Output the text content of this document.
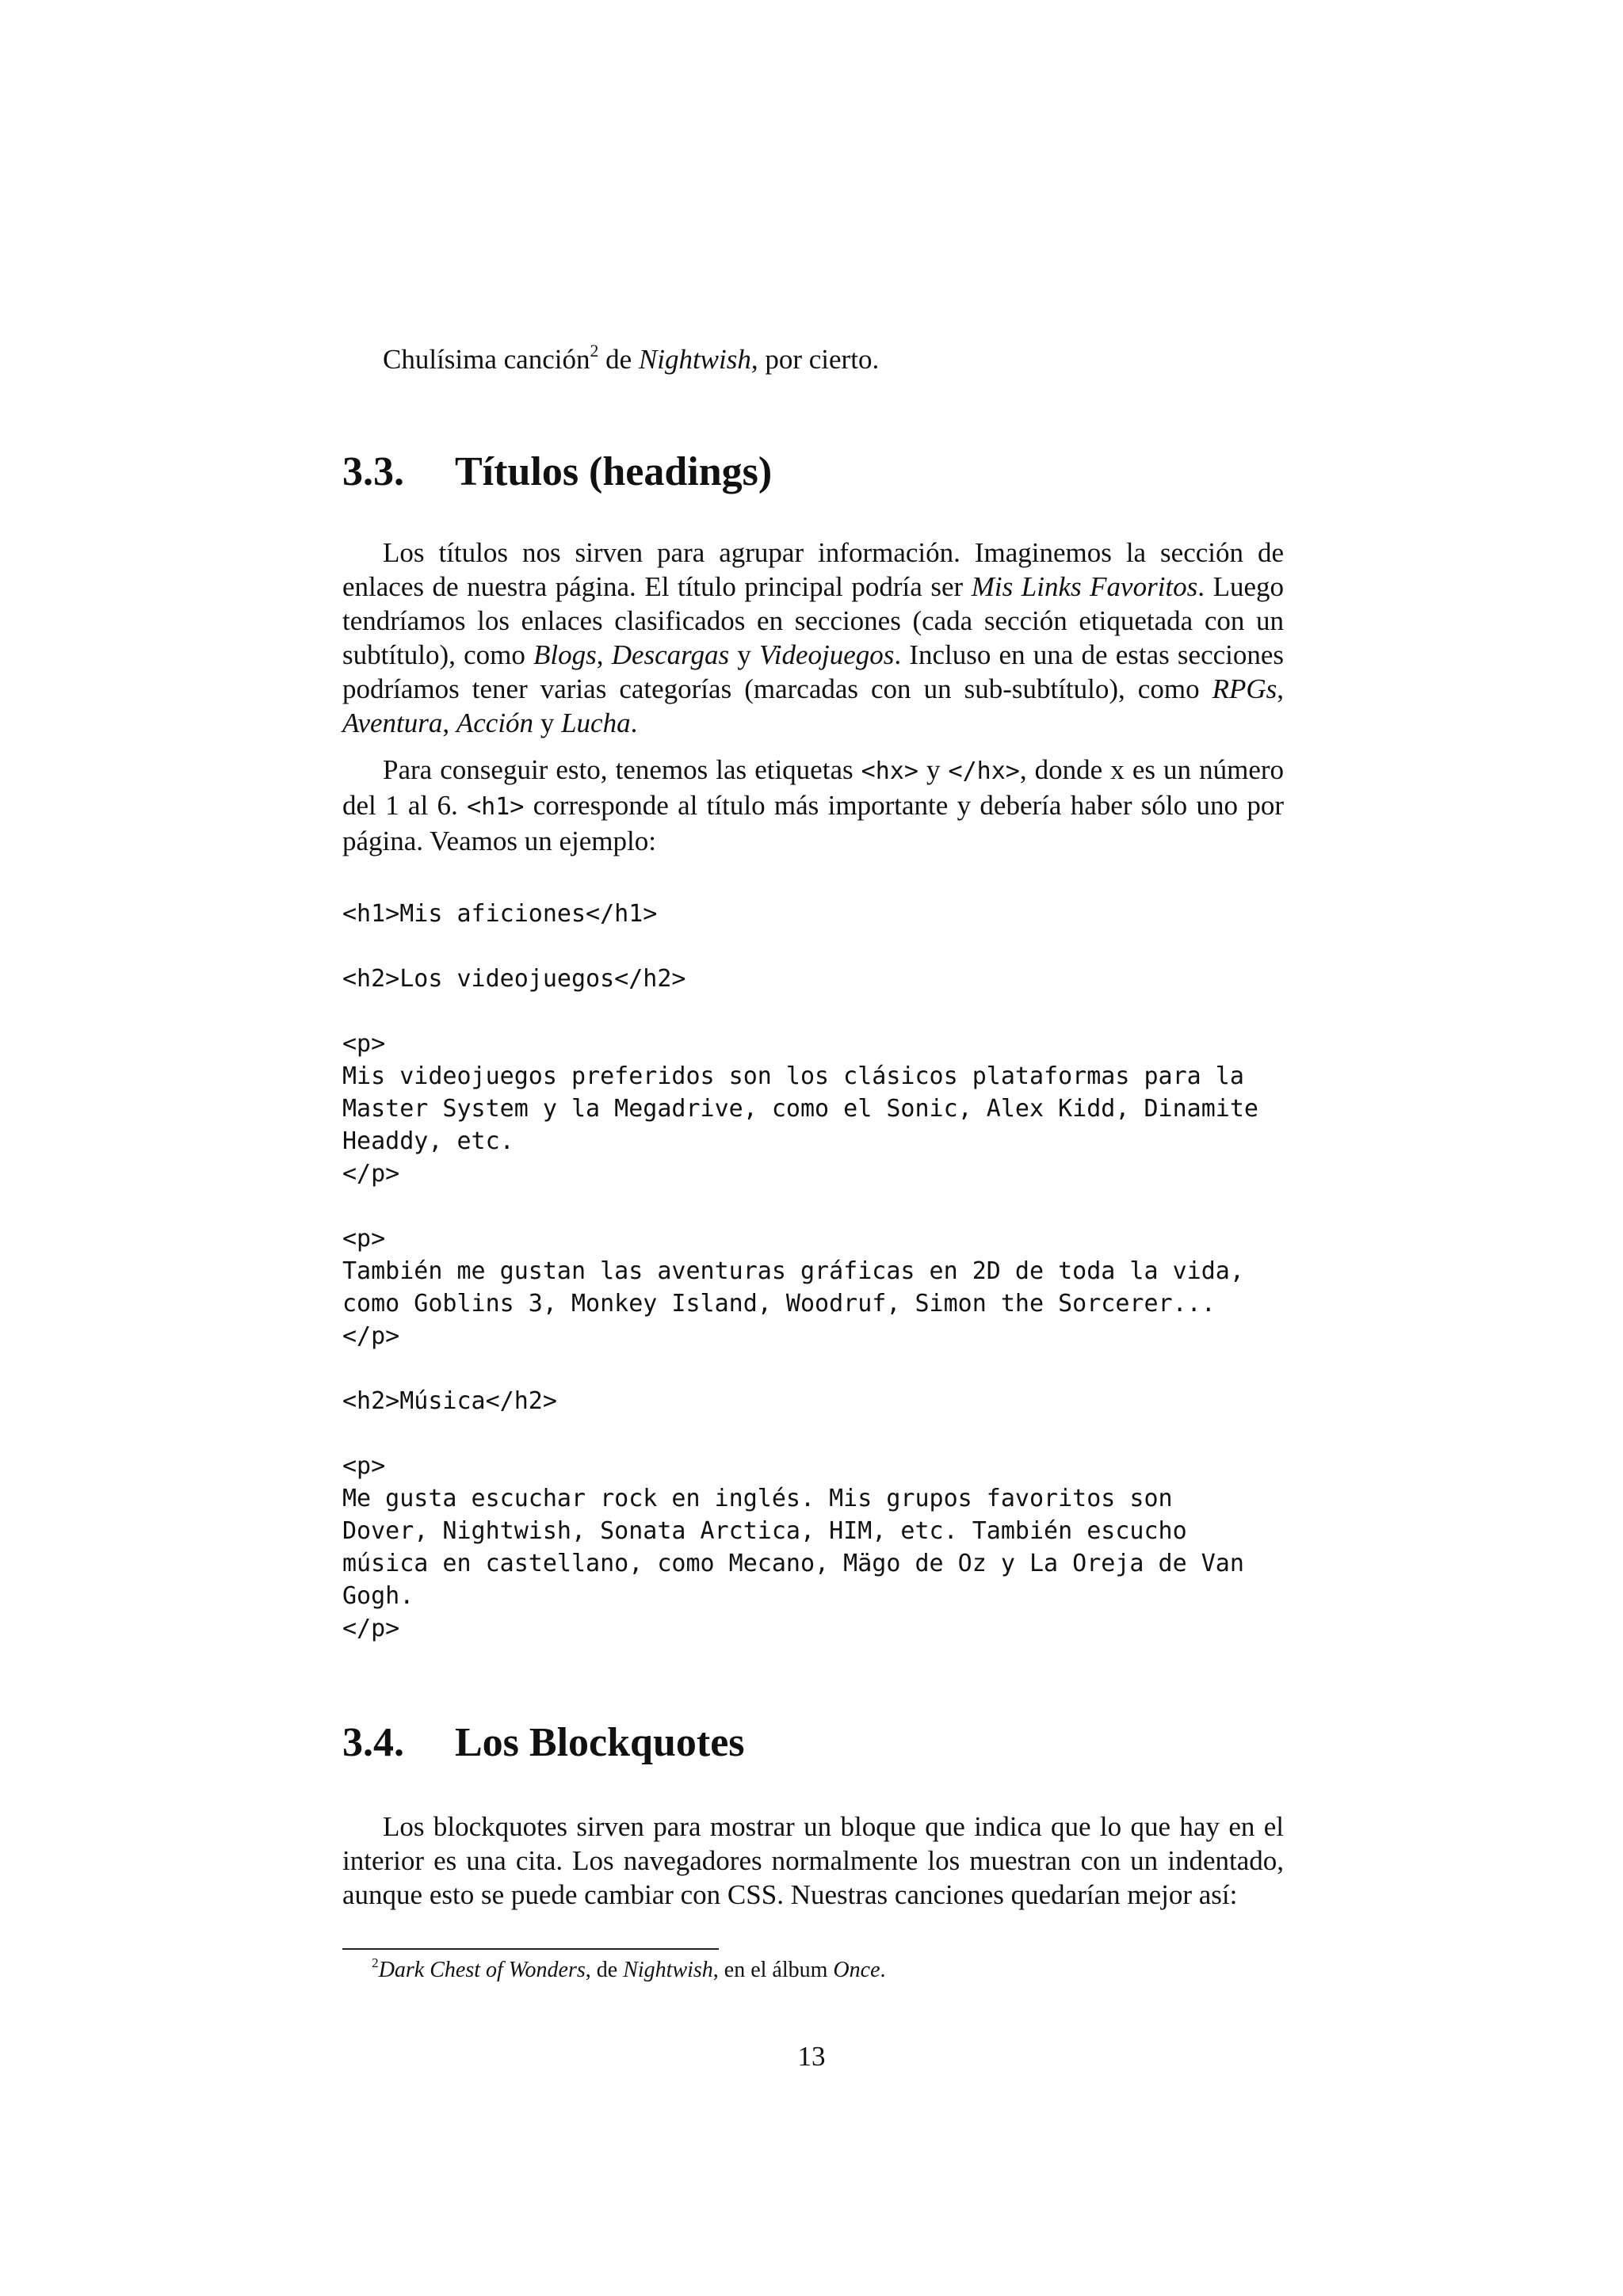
Chulísima canción$^2$ de Nightwish, por cierto.
3.3. Títulos (headings)

Los títulos nos sirven para agrupar información. Imaginemos la sección de enlaces de nuestra página. El título principal podría ser Mis Links Favoritos. Luego tendríamos los enlaces clasificados en secciones (cada sección etiquetada con un subtítulo), como Blogs, Descargas y Videojuegos. Incluso en una de estas secciones podríamos tener varias categorías (marcadas con un sub-subtítulo), como RPGs, Aventura, Acción y Lucha.

Para conseguir esto, tenemos las etiquetas <hx> y </hx>, donde x es un número del 1 al 6. <h1> corresponde al título más importante y debería haber sólo uno por página. Veamos un ejemplo:

<h1>Mis aficiones</h1>

<h2>Los videojuegos</h2>

<p>
Mis videojuegos preferidos son los clásicos plataformas para la
Master System y la Megadrive, como el Sonic, Alex Kidd, Dinamite
Headdy, etc.
</p>

<p>
También me gustan las aventuras gráficas en 2D de toda la vida,
como Goblins 3, Monkey Island, Woodruf, Simon the Sorcerer...
</p>

<h2>Música</h2>

<p>
Me gusta escuchar rock en inglés. Mis grupos favoritos son
Dover, Nightwish, Sonata Arctica, HIM, etc. También escucho
música en castellano, como Mecano, Mägo de Oz y La Oreja de Van
Gogh.
</p>
3.4. Los Blockquotes

Los blockquotes sirven para mostrar un bloque que indica que lo que hay en el interior es una cita. Los navegadores normalmente los muestran con un indentado, aunque esto se puede cambiar con CSS. Nuestras canciones quedarían mejor así:

$^2$Dark Chest of Wonders, de Nightwish, en el álbum Once.
13
